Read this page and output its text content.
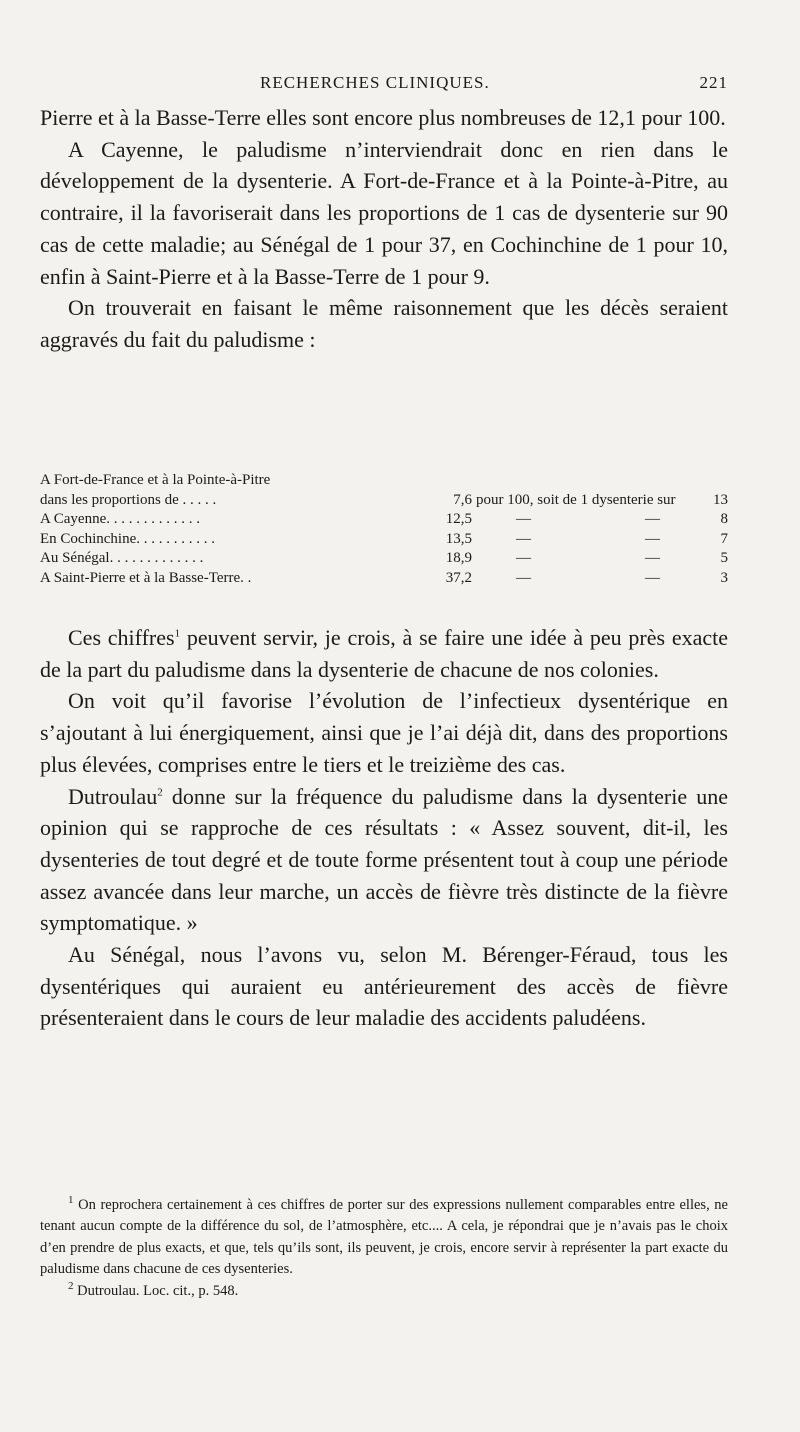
RECHERCHES CLINIQUES.	221

Pierre et à la Basse-Terre elles sont encore plus nombreuses de 12,1 pour 100.

A Cayenne, le paludisme n’interviendrait donc en rien dans le développement de la dysenterie. A Fort-de-France et à la Pointe-à-Pitre, au contraire, il la favoriserait dans les proportions de 1 cas de dysenterie sur 90 cas de cette maladie; au Sénégal de 1 pour 37, en Cochinchine de 1 pour 10, enfin à Saint-Pierre et à la Basse-Terre de 1 pour 9.

On trouverait en faisant le même raisonnement que les décès seraient aggravés du fait du paludisme :

A Fort-de-France et à la Pointe-à-Pitre
dans les proportions de . . . . .	7,6 pour 100, soit de 1 dysenterie sur 13
A Cayenne. . . . . . . . . . . . .	12,5	—	—	8
En Cochinchine. . . . . . . . . . .	13,5	—	—	7
Au Sénégal. . . . . . . . . . . . .	18,9	—	—	5
A Saint-Pierre et à la Basse-Terre. .	37,2	—	—	3

Ces chiffres$^1$ peuvent servir, je crois, à se faire une idée à peu près exacte de la part du paludisme dans la dysenterie de chacune de nos colonies.

On voit qu’il favorise l’évolution de l’infectieux dysentérique en s’ajoutant à lui énergiquement, ainsi que je l’ai déjà dit, dans des proportions plus élevées, comprises entre le tiers et le treizième des cas.

Dutroulau$^2$ donne sur la fréquence du paludisme dans la dysenterie une opinion qui se rapproche de ces résultats : « Assez souvent, dit-il, les dysenteries de tout degré et de toute forme présentent tout à coup une période assez avancée dans leur marche, un accès de fièvre très distincte de la fièvre symptomatique. »

Au Sénégal, nous l’avons vu, selon M. Bérenger-Féraud, tous les dysentériques qui auraient eu antérieurement des accès de fièvre présenteraient dans le cours de leur maladie des accidents paludéens.

$^1$ On reprochera certainement à ces chiffres de porter sur des expressions nullement comparables entre elles, ne tenant aucun compte de la différence du sol, de l’atmosphère, etc.... A cela, je répondrai que je n’avais pas le choix d’en prendre de plus exacts, et que, tels qu’ils sont, ils peuvent, je crois, encore servir à représenter la part exacte du paludisme dans chacune de ces dysenteries.

$^2$ Dutroulau. Loc. cit., p. 548.
